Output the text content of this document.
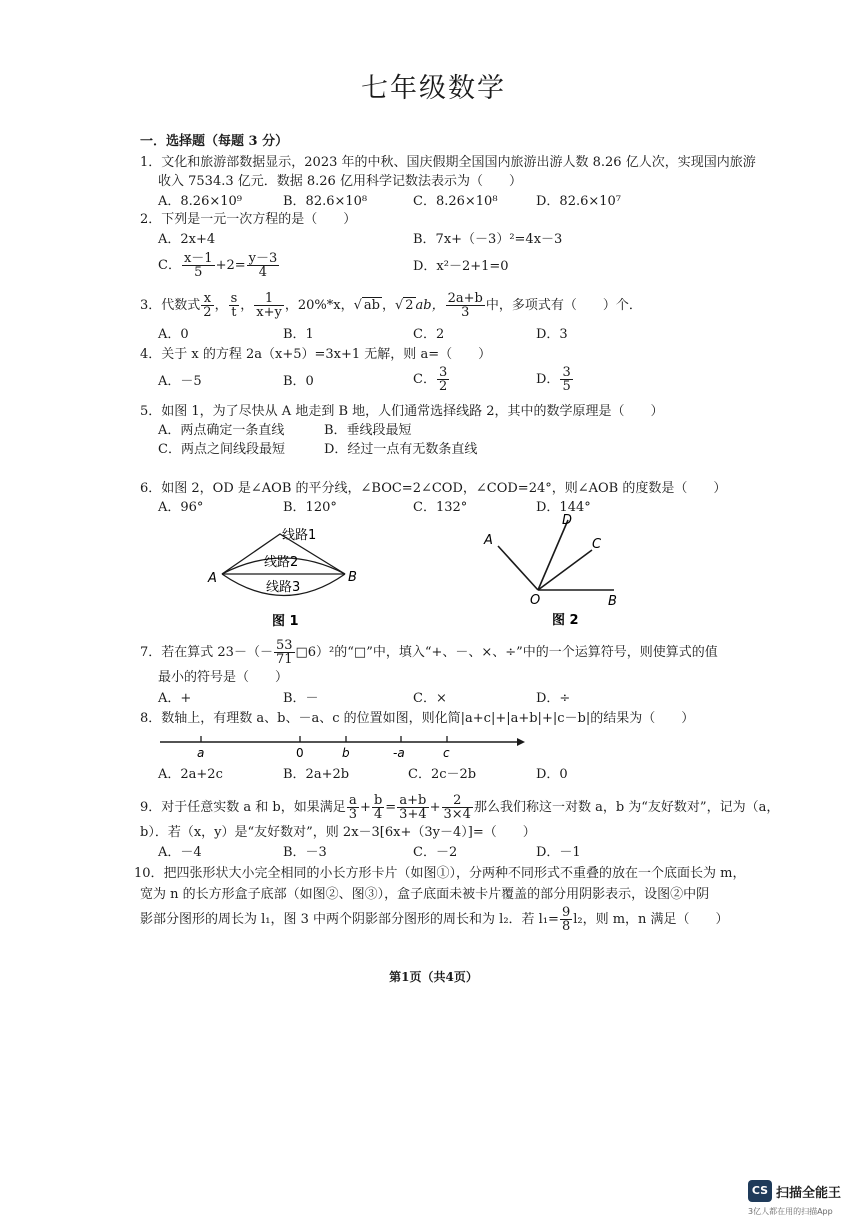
七年级数学
一．选择题（每题 3 分）
1．文化和旅游部数据显示，2023 年的中秋、国庆假期全国国内旅游出游人数 8.26 亿人次，实现国内旅游
收入 7534.3 亿元．数据 8.26 亿用科学记数法表示为（　　）
A．8.26×10⁹	B．82.6×10⁸	C．8.26×10⁸	D．82.6×10⁷
2．下列是一元一次方程的是（　　）
A．2x+4	B．7x+（－3）²=4x－3
C． $\frac{x-1}{5} +2= \frac{y-3}{4}$	D．x²－2+1=0
3．代数式 $\frac{x}{2}$ ， $\frac{s}{t}$ ， $\frac{1}{x+y}$ ，20%*x，√ ab ，√ 2 ab， $\frac{2a+b}{3}$ 中，多项式有（　　）个．
A．0	B．1	C．2	D．3
4．关于 x 的方程 2a（x+5）=3x+1 无解，则 a=（　　）
A．－5	B．0	C． $\frac{3}{2}$	D． $\frac{3}{5}$
5．如图 1，为了尽快从 A 地走到 B 地，人们通常选择线路 2，其中的数学原理是（　　）
A．两点确定一条直线	B．垂线段最短
C．两点之间线段最短	D．经过一点有无数条直线
6．如图 2，OD 是∠AOB 的平分线，∠BOC=2∠COD，∠COD=24°，则∠AOB 的度数是（　　）
A．96°	B．120°	C．132°	D．144°
线路1
线路2
线路3
A	B
图 1
A
D
C
O	B
图 2
7．若在算式 $23-(- \frac{53}{71}$ □6）²的“□”中，填入“+、－、×、÷”中的一个运算符号，则使算式的值
最小的符号是（　　）
A．+	B．－	C．×	D．÷
8．数轴上，有理数 a、b、－a、c 的位置如图，则化简|a+c|+|a+b|+|c－b|的结果为（　　）
a	0	b	-a	c
A．2a+2c	B．2a+2b	C．2c－2b	D．0
9．对于任意实数 a 和 b，如果满足 $\frac{a}{3} + \frac{b}{4} = \frac{a+b}{3+4} + \frac{2}{3\times 4}$ 那么我们称这一对数 a，b 为“友好数对”，记为（a，
b）．若（x，y）是“友好数对”，则 2x－3[6x+（3y－4）]=（　　）
A．－4	B．－3	C．－2	D．－1
10．把四张形状大小完全相同的小长方形卡片（如图①），分两种不同形式不重叠的放在一个底面长为 m，
宽为 n 的长方形盒子底部（如图②、图③），盒子底面未被卡片覆盖的部分用阴影表示，设图②中阴
影部分图形的周长为 l₁，图 3 中两个阴影部分图形的周长和为 l₂．若 $l_1= \frac{9}{8} l_2$，则 m，n 满足（　　）
第1页（共4页）
CS 扫描全能王
3亿人都在用的扫描App
